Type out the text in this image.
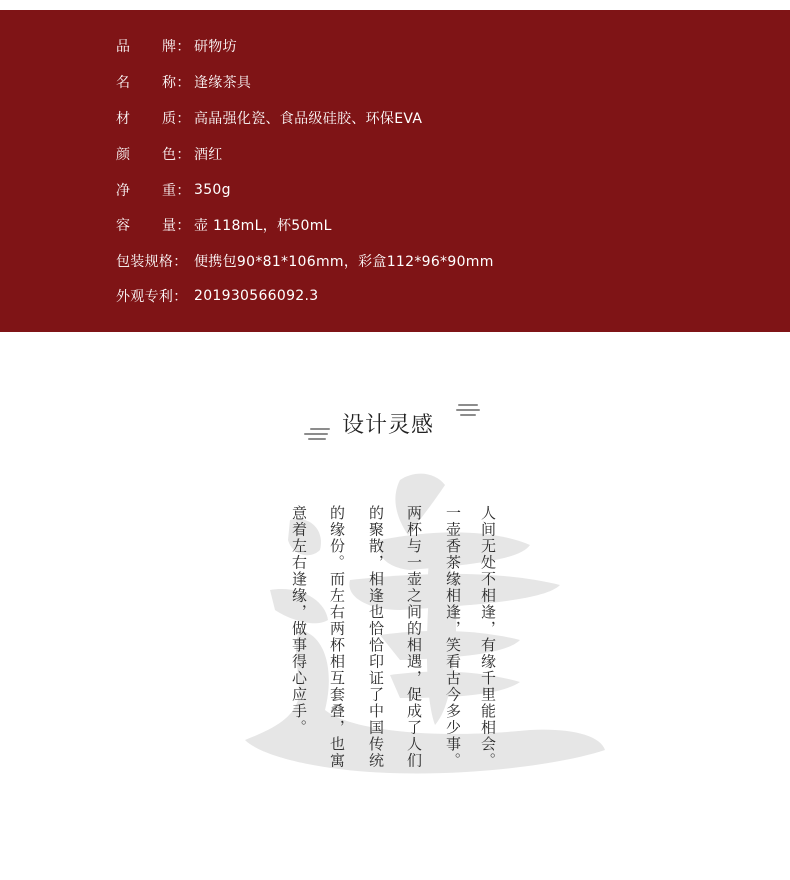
品 牌： 研物坊
名 称： 逢缘茶具
材 质： 高晶强化瓷、食品级硅胶、环保EVA
颜 色： 酒红
净 重： 350g
容 量： 壶 118mL，杯50mL
包装规格： 便携包90*81*106mm，彩盒112*96*90mm
外观专利： 201930566092.3
设计灵感
人间无处不相逢，有缘千里能相会。
一壶香茶缘相逢，笑看古今多少事。
两杯与一壶之间的相遇，促成了人们
的聚散，相逢也恰恰印证了中国传统
的缘份。而左右两杯相互套叠，也寓
意着左右逢缘，做事得心应手。
